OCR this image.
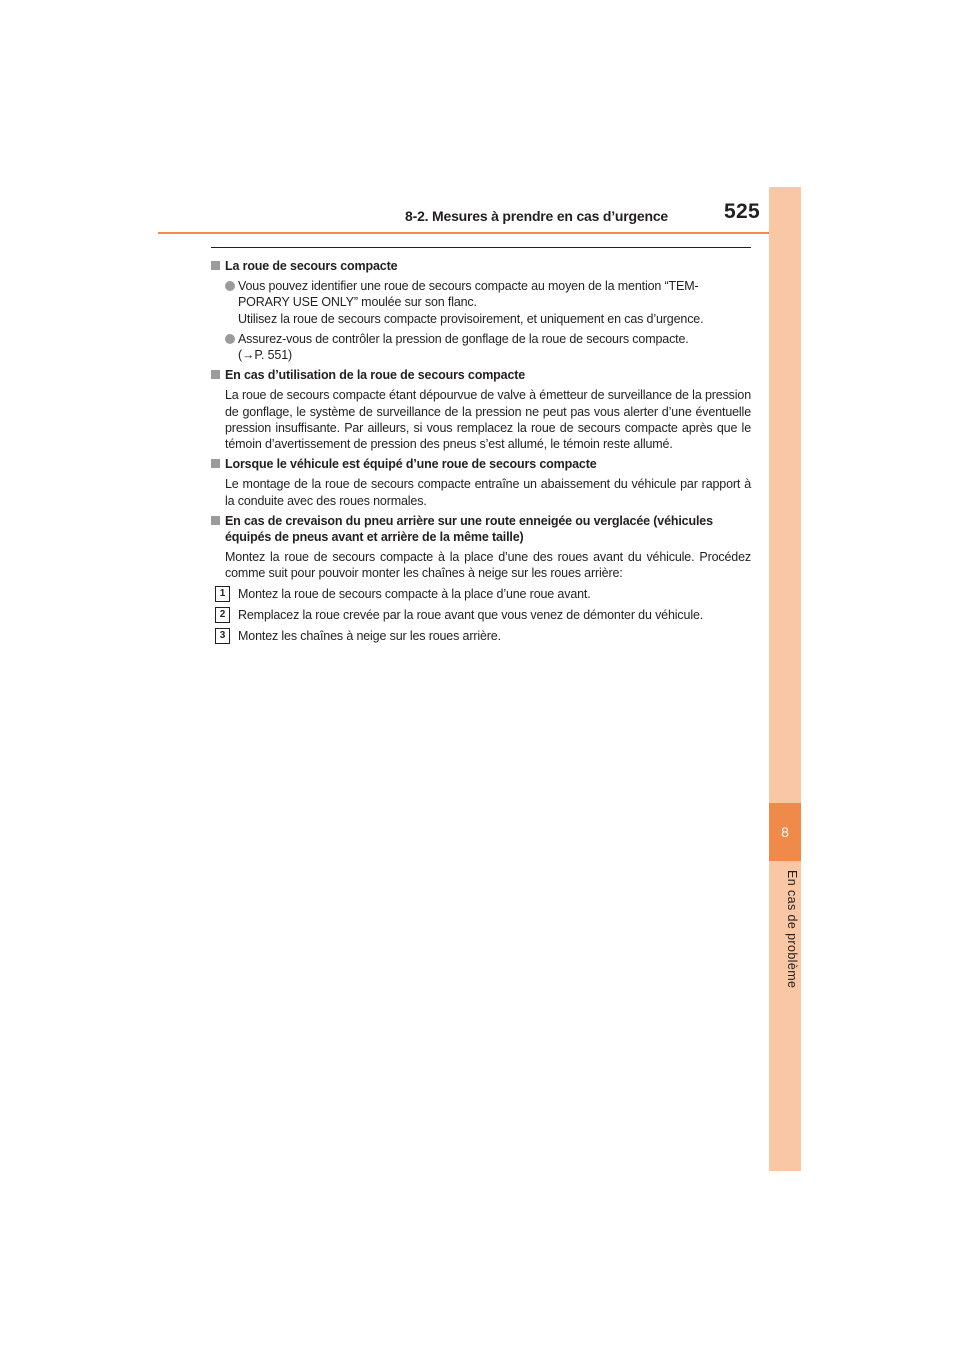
8-2. Mesures à prendre en cas d’urgence	525
8
En cas de problème
La roue de secours compacte
Vous pouvez identifier une roue de secours compacte au moyen de la mention “TEM-
PORARY USE ONLY” moulée sur son flanc.
Utilisez la roue de secours compacte provisoirement, et uniquement en cas d’urgence.
Assurez-vous de contrôler la pression de gonflage de la roue de secours compacte.
(→P. 551)
En cas d’utilisation de la roue de secours compacte
La roue de secours compacte étant dépourvue de valve à émetteur de surveillance de la pression de gonflage, le système de surveillance de la pression ne peut pas vous alerter d’une éventuelle pression insuffisante. Par ailleurs, si vous remplacez la roue de secours compacte après que le témoin d’avertissement de pression des pneus s’est allumé, le témoin reste allumé.
Lorsque le véhicule est équipé d’une roue de secours compacte
Le montage de la roue de secours compacte entraîne un abaissement du véhicule par rapport à la conduite avec des roues normales.
En cas de crevaison du pneu arrière sur une route enneigée ou verglacée (véhicules équipés de pneus avant et arrière de la même taille)
Montez la roue de secours compacte à la place d’une des roues avant du véhicule. Procédez comme suit pour pouvoir monter les chaînes à neige sur les roues arrière:
1	Montez la roue de secours compacte à la place d’une roue avant.
2	Remplacez la roue crevée par la roue avant que vous venez de démonter du véhicule.
3	Montez les chaînes à neige sur les roues arrière.
